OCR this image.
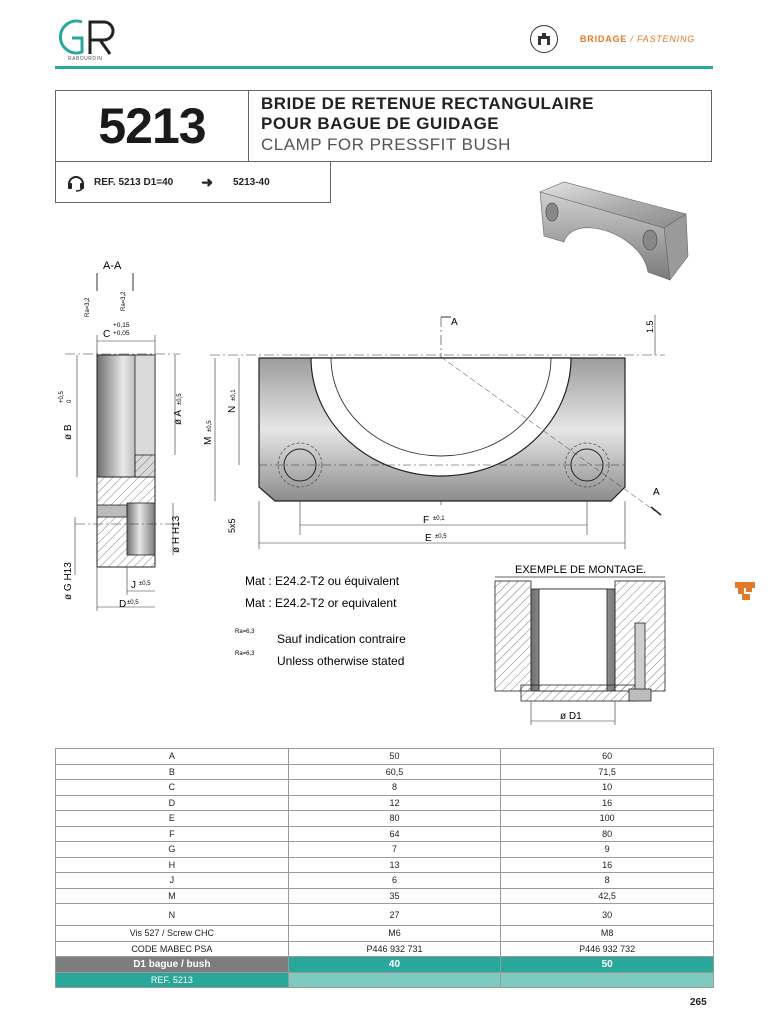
RABOURDIN
BRIDAGE / FASTENING
5213	BRIDE DE RETENUE RECTANGULAIRE
POUR BAGUE DE GUIDAGE
CLAMP FOR PRESSFIT BUSH
REF. 5213 D1=40 ➜ 5213-40
A-A
Ra=3,2	Ra=3,2
C
+0,15
+0,05
ø B
+0,5 0
ø A
±0,5
ø H H13
ø G H13	J ±0,5
D ±0,5
1.5
A
A
M
±0,5
N
±0,1
5x5	F ±0,1
E ±0,5
Mat : E24.2-T2 ou équivalent
Mat : E24.2-T2 or equivalent
Ra=6,3 Sauf indication contraire
Ra=6,3 Unless otherwise stated
EXEMPLE DE MONTAGE.
ø D1
A	50	60
B	60,5	71,5
C	8	10
D	12	16
E	80	100
F	64	80
G	7	9
H	13	16
J	6	8
M	35	42,5
N	27	30
Vis 527 / Screw CHC	M6	M8
CODE MABEC PSA	P446 932 731	P446 932 732
D1 bague / bush	40	50
REF. 5213		
265
